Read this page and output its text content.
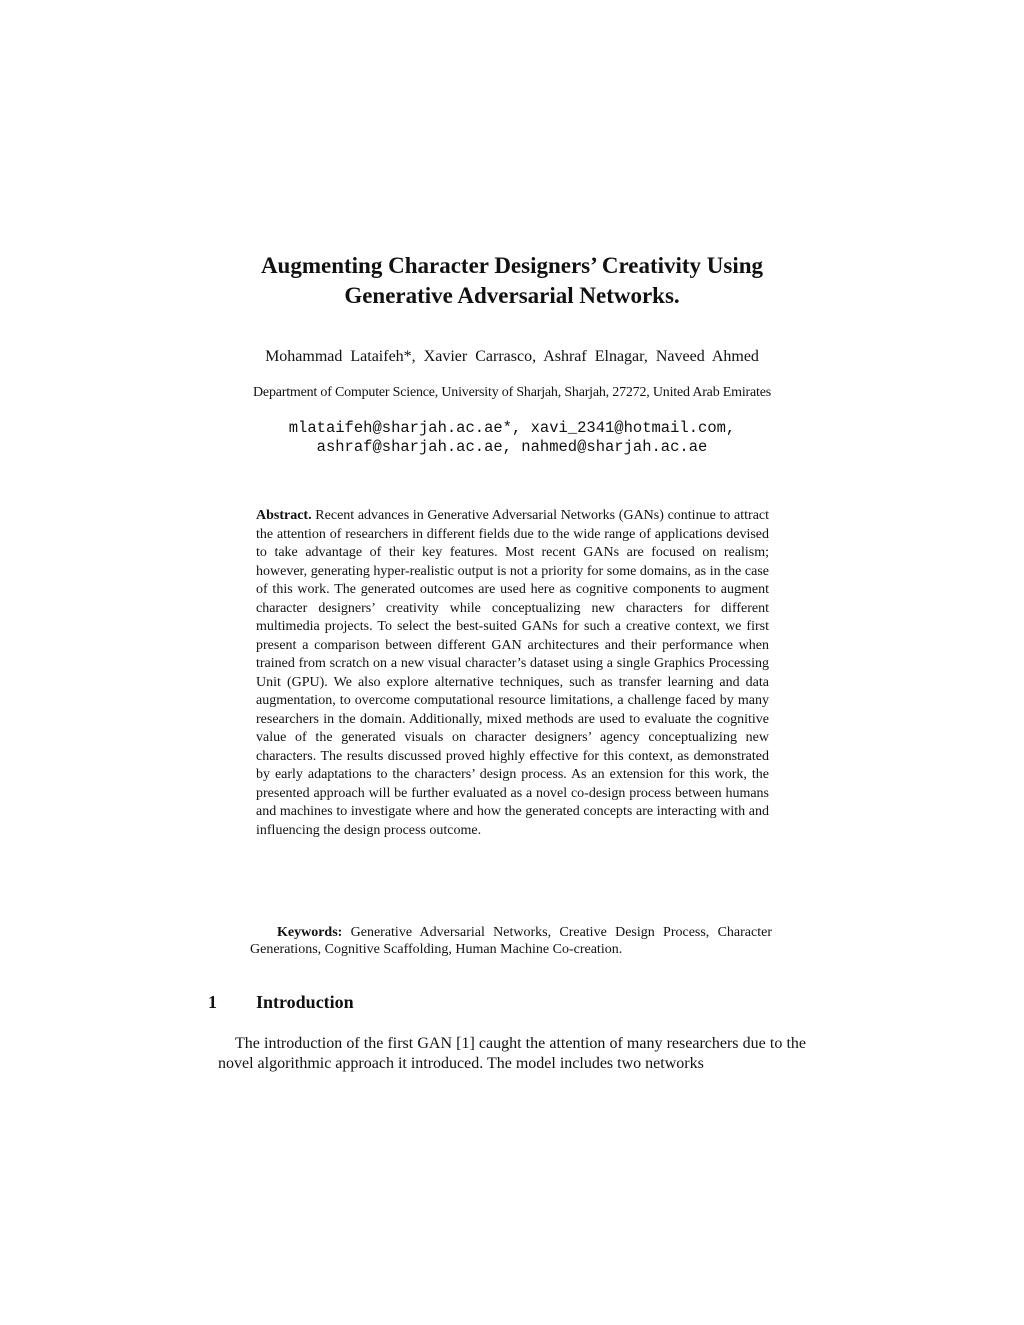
Augmenting Character Designers’ Creativity Using
Generative Adversarial Networks.
Mohammad Lataifeh*, Xavier Carrasco, Ashraf Elnagar, Naveed Ahmed
Department of Computer Science, University of Sharjah, Sharjah, 27272, United Arab Emirates
mlataifeh@sharjah.ac.ae*, xavi_2341@hotmail.com,
ashraf@sharjah.ac.ae, nahmed@sharjah.ac.ae

Abstract. Recent advances in Generative Adversarial Networks (GANs) continue to attract the attention of researchers in different fields due to the wide range of applications devised to take advantage of their key features. Most recent GANs are focused on realism; however, generating hyper-realistic output is not a priority for some domains, as in the case of this work. The generated outcomes are used here as cognitive components to augment character designers’ creativity while conceptualizing new characters for different multimedia projects. To select the best-suited GANs for such a creative context, we first present a comparison between different GAN architectures and their performance when trained from scratch on a new visual character’s dataset using a single Graphics Processing Unit (GPU). We also explore alternative techniques, such as transfer learning and data augmentation, to overcome computational resource limitations, a challenge faced by many researchers in the domain. Additionally, mixed methods are used to evaluate the cognitive value of the generated visuals on character designers’ agency conceptualizing new characters. The results discussed proved highly effective for this context, as demonstrated by early adaptations to the characters’ design process. As an extension for this work, the presented approach will be further evaluated as a novel co-design process between humans and machines to investigate where and how the generated concepts are interacting with and influencing the design process outcome.

Keywords: Generative Adversarial Networks, Creative Design Process, Character Generations, Cognitive Scaffolding, Human Machine Co-creation.

1 Introduction

The introduction of the first GAN [1] caught the attention of many researchers due to the novel algorithmic approach it introduced. The model includes two networks
